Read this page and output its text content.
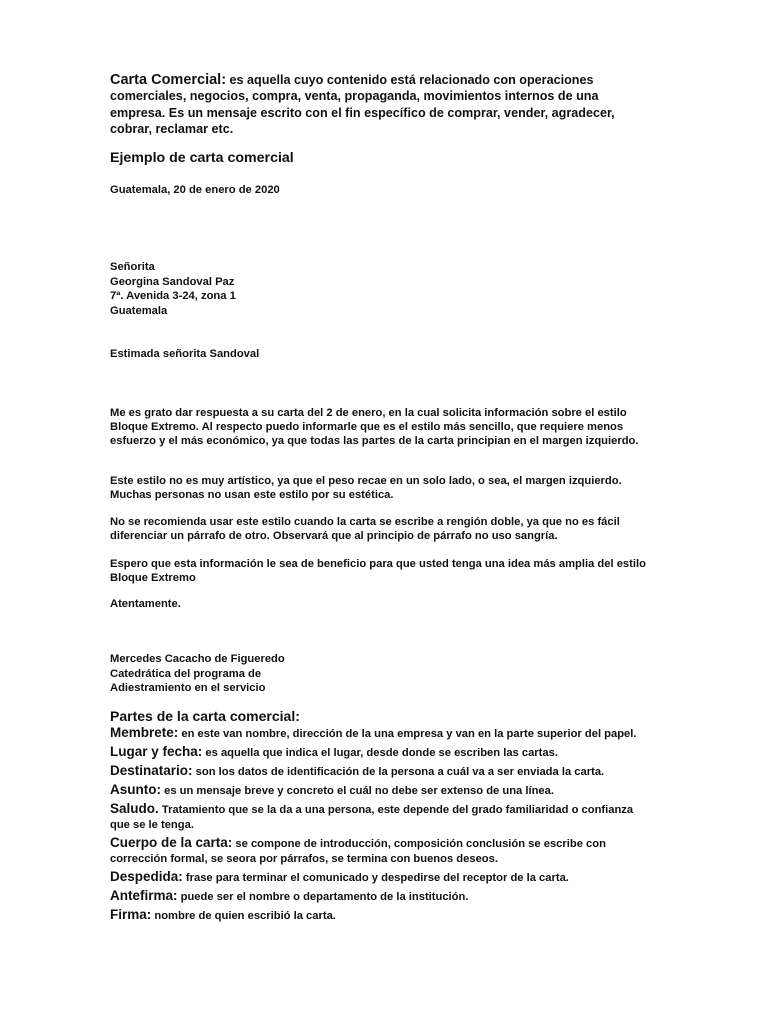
Carta Comercial: es aquella cuyo contenido está relacionado con operaciones comerciales, negocios, compra, venta, propaganda, movimientos internos de una empresa. Es un mensaje escrito con el fin específico de comprar, vender, agradecer, cobrar, reclamar etc.
Ejemplo de carta comercial
Guatemala, 20 de enero de 2020
Señorita
Georgina Sandoval Paz
7ª. Avenida 3-24, zona 1
Guatemala
Estimada señorita Sandoval
Me es grato dar respuesta a su carta del 2 de enero, en la cual solicita información sobre el estilo Bloque Extremo. Al respecto puedo informarle que es el estilo más sencillo, que requiere menos esfuerzo y el más económico, ya que todas las partes de la carta principian en el margen izquierdo.
Este estilo no es muy artístico, ya que el peso recae en un solo lado, o sea, el margen izquierdo. Muchas personas no usan este estilo por su estética.
No se recomienda usar este estilo cuando la carta se escribe a rengión doble, ya que no es fácil diferenciar un párrafo de otro. Observará que al principio de párrafo no uso sangría.
Espero que esta información le sea de beneficio para que usted tenga una idea más amplia del estilo Bloque Extremo
Atentamente.
Mercedes Cacacho de Figueredo
Catedrática del programa de
Adiestramiento en el servicio
Partes de la carta comercial:
Membrete: en este van nombre, dirección de la una empresa y van en la parte superior del papel.
Lugar y fecha: es aquella que indica el lugar, desde donde se escriben las cartas.
Destinatario: son los datos de identificación de la persona a cuál va a ser enviada la carta.
Asunto: es un mensaje breve y concreto el cuál no debe ser extenso de una línea.
Saludo. Tratamiento que se la da a una persona, este depende del grado familiaridad o confianza que se le tenga.
Cuerpo de la carta: se compone de introducción, composición conclusión se escribe con corrección formal, se seora por párrafos, se termina con buenos deseos.
Despedida: frase para terminar el comunicado y despedirse del receptor de la carta.
Antefirma: puede ser el nombre o departamento de la institución.
Firma: nombre de quien escribió la carta.
